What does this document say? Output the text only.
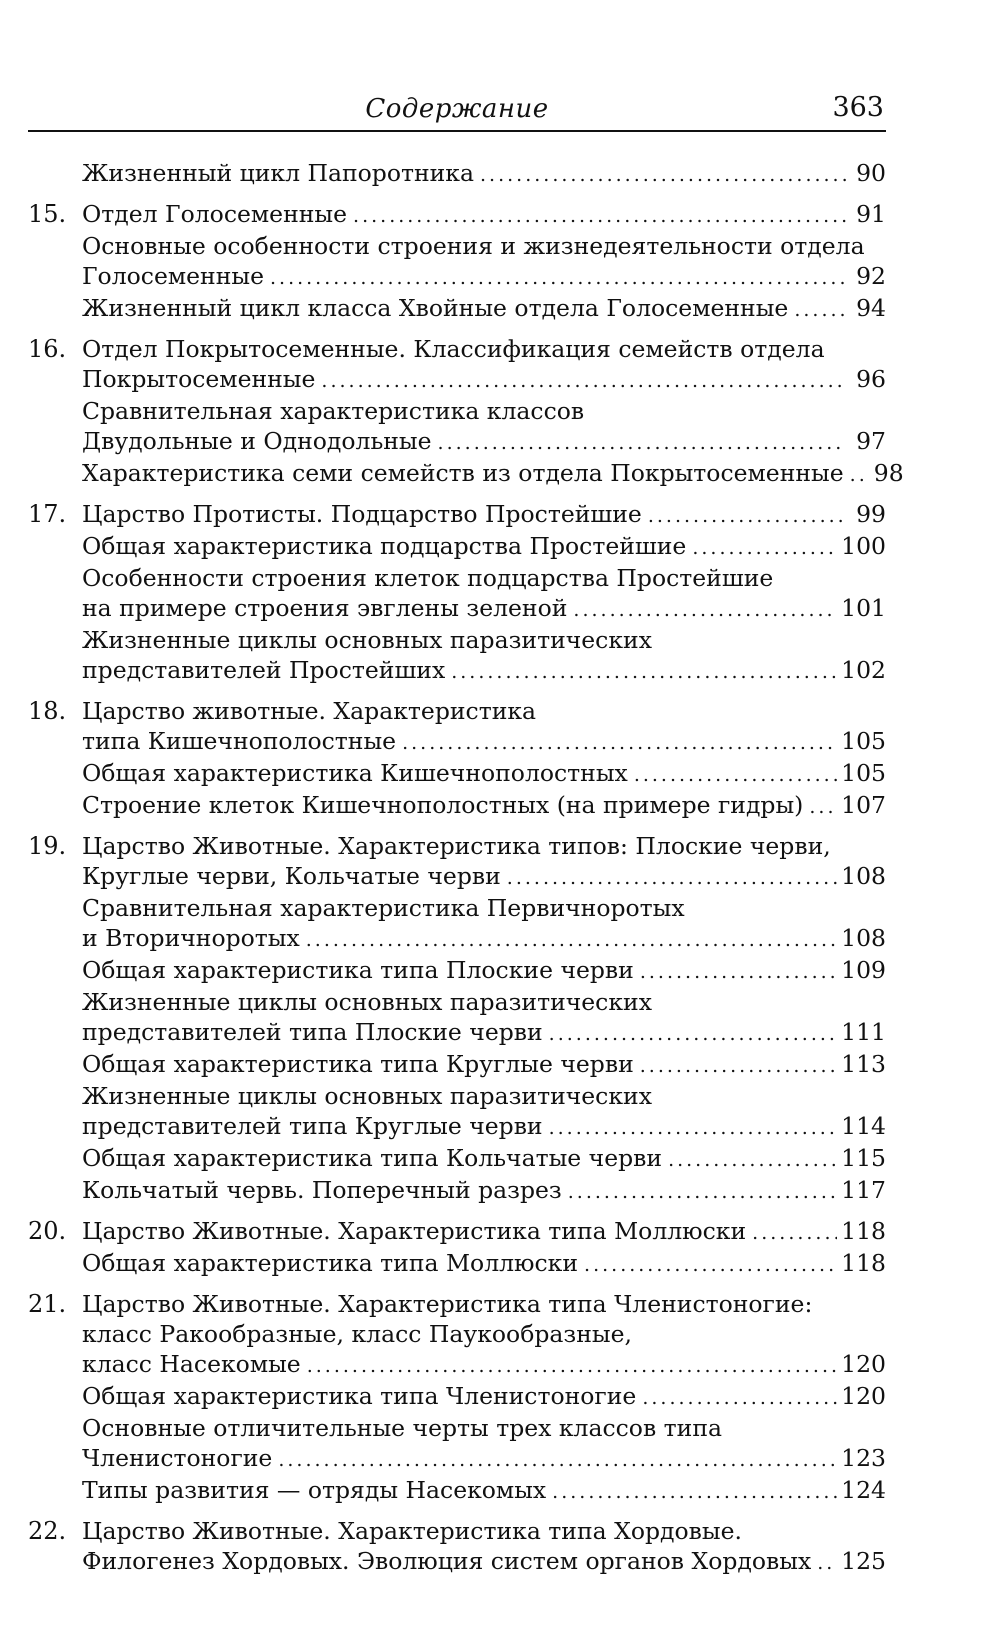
Содержание	363
Жизненный цикл Папоротника .....	90
15. Отдел Голосеменные .....	91
Основные особенности строения и жизнедеятельности отдела
Голосеменные .....	92
Жизненный цикл класса Хвойные отдела Голосеменные .....	94
16. Отдел Покрытосеменные. Классификация семейств отдела
Покрытосеменные .....	96
Сравнительная характеристика классов
Двудольные и Однодольные .....	97
Характеристика семи семейств из отдела Покрытосеменные ..... 98
17. Царство Протисты. Подцарство Простейшие .....	99
Общая характеристика подцарства Простейшие .....	100
Особенности строения клеток подцарства Простейшие
на примере строения эвглены зеленой .....	101
Жизненные циклы основных паразитических
представителей Простейших .....	102
18. Царство животные. Характеристика
типа Кишечнополостные .....	105
Общая характеристика Кишечнополостных .....	105
Строение клеток Кишечнополостных (на примере гидры) ..... 107
19. Царство Животные. Характеристика типов: Плоские черви,
Круглые черви, Кольчатые черви .....	108
Сравнительная характеристика Первичноротых
и Вторичноротых .....	108
Общая характеристика типа Плоские черви .....	109
Жизненные циклы основных паразитических
представителей типа Плоские черви .....	111
Общая характеристика типа Круглые черви .....	113
Жизненные циклы основных паразитических
представителей типа Круглые черви .....	114
Общая характеристика типа Кольчатые черви .....	115
Кольчатый червь. Поперечный разрез .....	117
20. Царство Животные. Характеристика типа Моллюски .....	118
Общая характеристика типа Моллюски .....	118
21. Царство Животные. Характеристика типа Членистоногие:
класс Ракообразные, класс Паукообразные,
класс Насекомые .....	120
Общая характеристика типа Членистоногие .....	120
Основные отличительные черты трех классов типа
Членистоногие .....	123
Типы развития — отряды Насекомых .....	124
22. Царство Животные. Характеристика типа Хордовые.
Филогенез Хордовых. Эволюция систем органов Хордовых ..... 125
